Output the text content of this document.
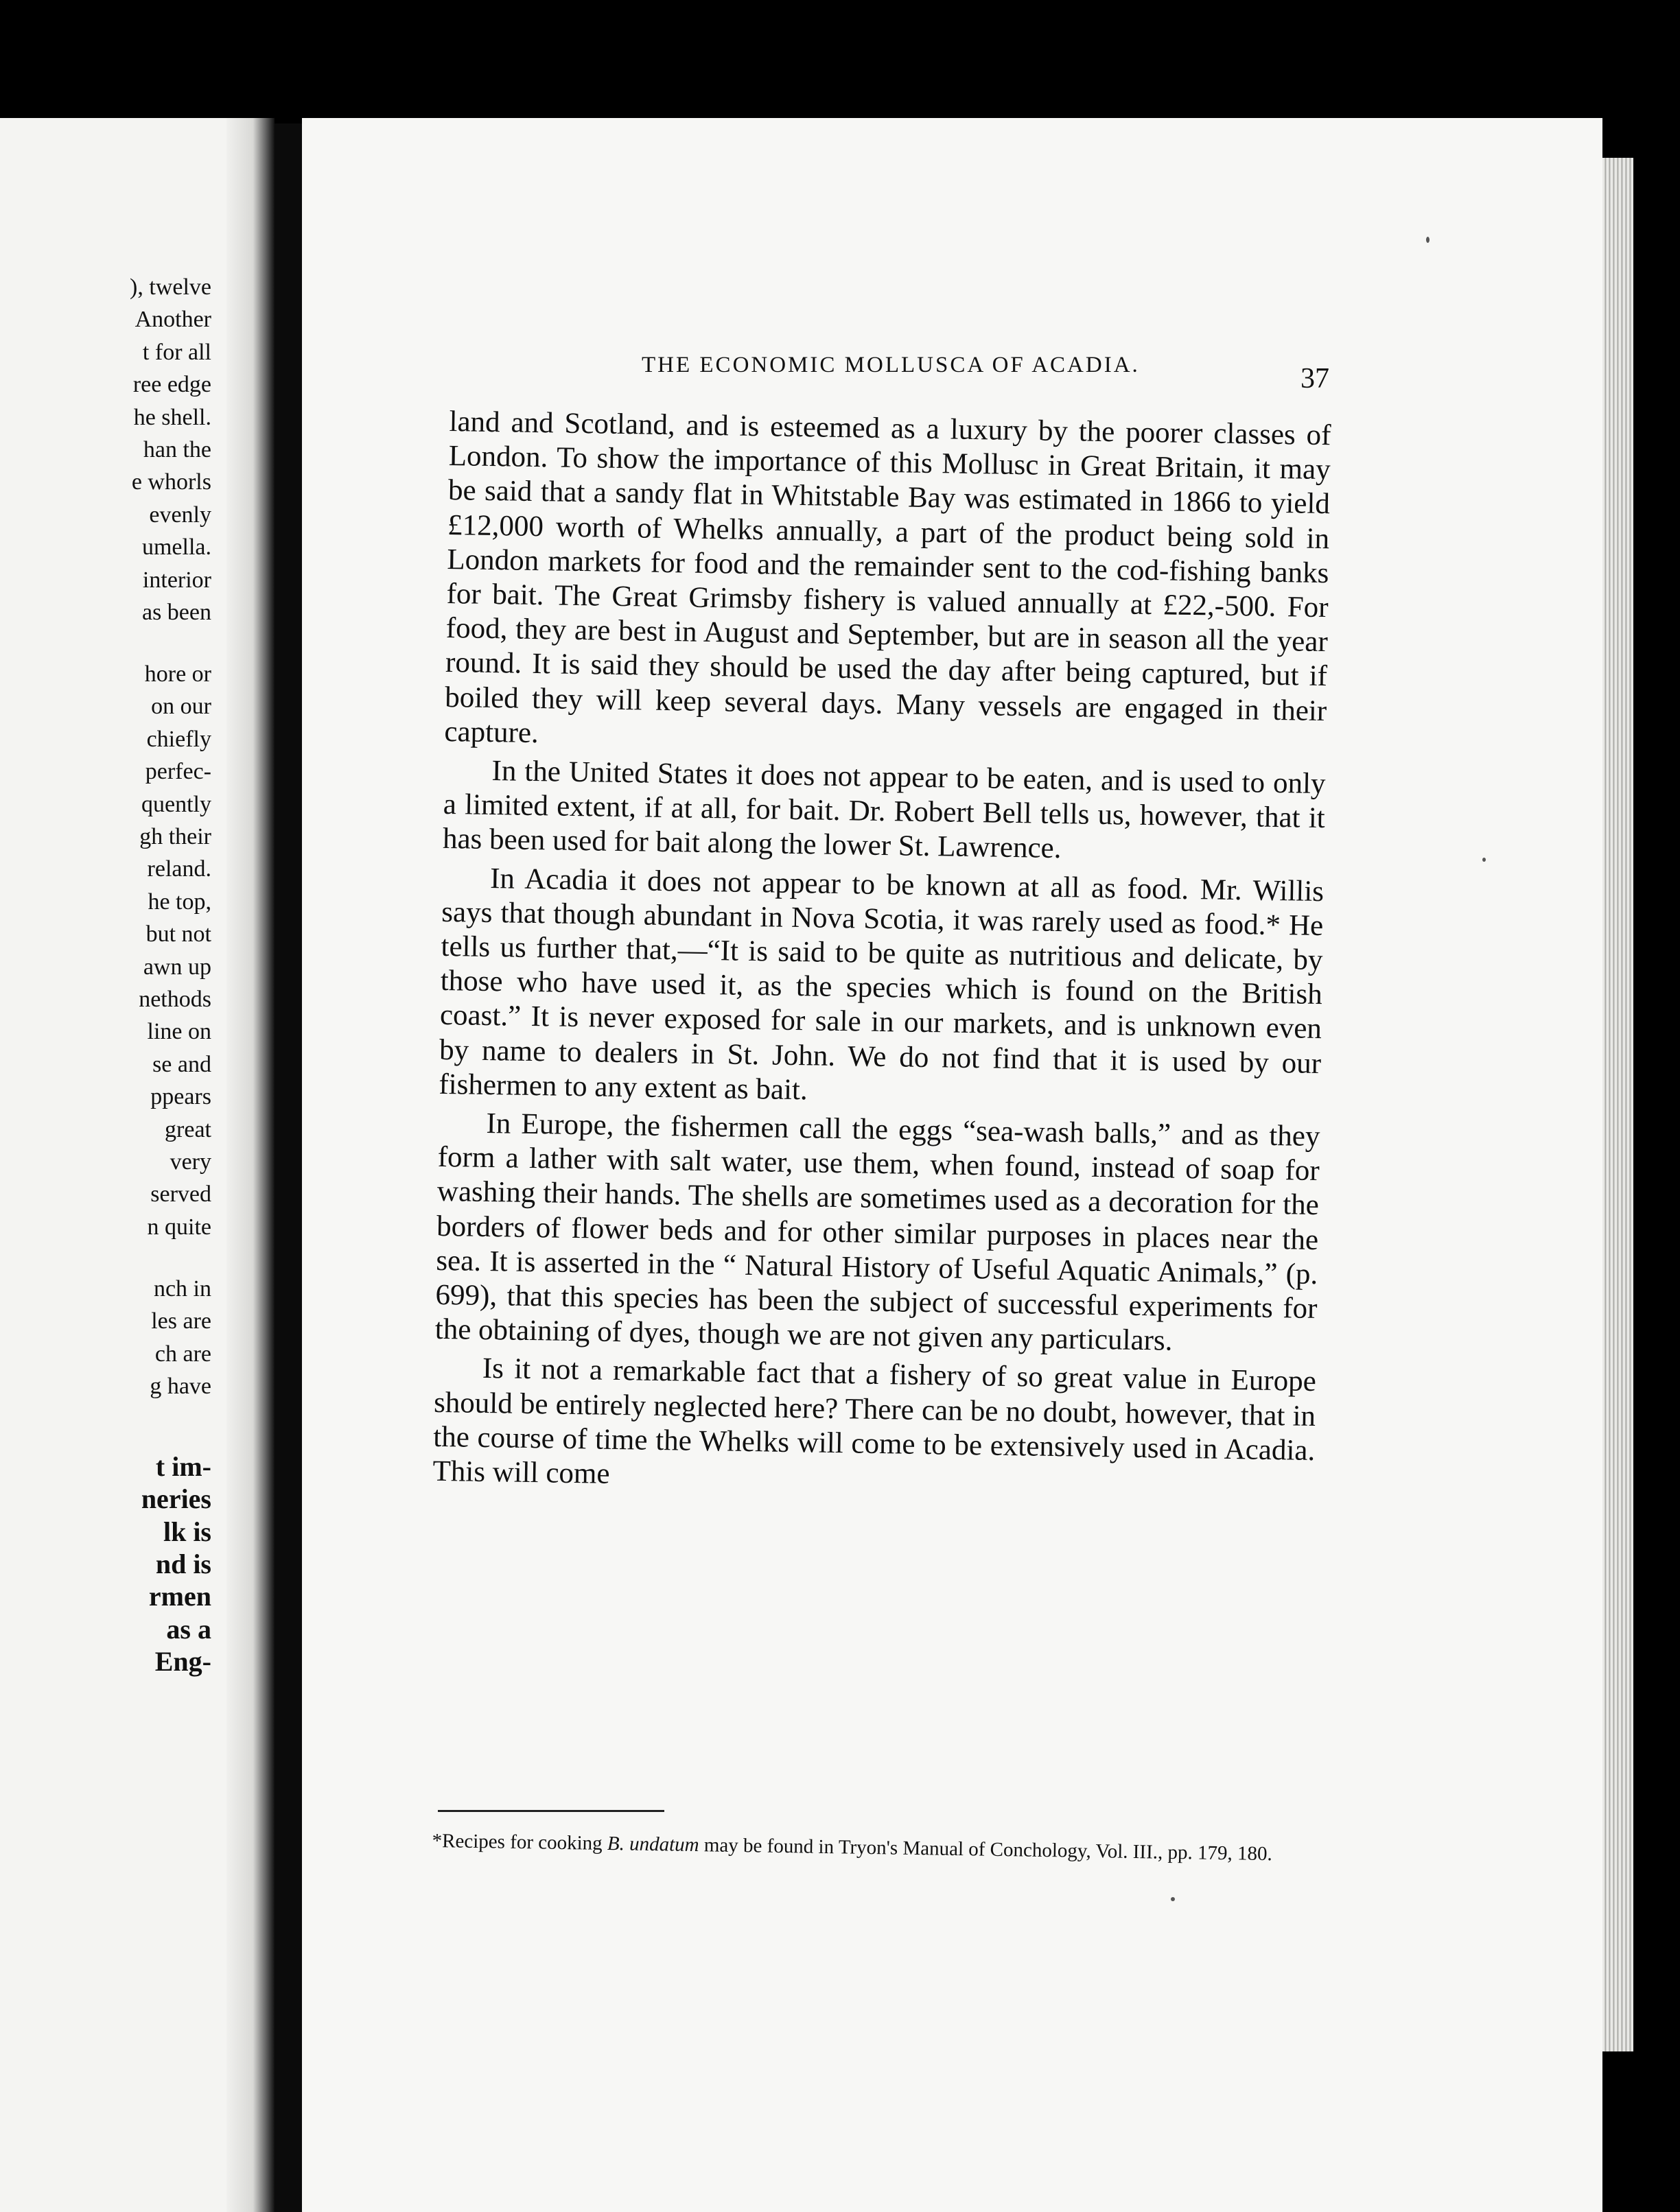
), twelve
Another
t for all
ree edge
he shell.
han the
e whorls
evenly
umella.
interior
as been
hore or
on our
chiefly
perfec-
quently
gh their
reland.
he top,
but not
awn up
nethods
line on
se and
ppears
great
very
served
n quite
nch in
les are
ch are
g have
t im-
neries
lk is
nd is
rmen
as a
Eng-
THE ECONOMIC MOLLUSCA OF ACADIA.	37

land and Scotland, and is esteemed as a luxury by the poorer classes of London. To show the importance of this Mollusc in Great Britain, it may be said that a sandy flat in Whitstable Bay was estimated in 1866 to yield £12,000 worth of Whelks annually, a part of the product being sold in London markets for food and the remainder sent to the cod-fishing banks for bait. The Great Grimsby fishery is valued annually at £22,-500. For food, they are best in August and September, but are in season all the year round. It is said they should be used the day after being captured, but if boiled they will keep several days. Many vessels are engaged in their capture.

In the United States it does not appear to be eaten, and is used to only a limited extent, if at all, for bait. Dr. Robert Bell tells us, however, that it has been used for bait along the lower St. Lawrence.

In Acadia it does not appear to be known at all as food. Mr. Willis says that though abundant in Nova Scotia, it was rarely used as food.* He tells us further that,—“It is said to be quite as nutritious and delicate, by those who have used it, as the species which is found on the British coast.” It is never exposed for sale in our markets, and is unknown even by name to dealers in St. John. We do not find that it is used by our fishermen to any extent as bait.

In Europe, the fishermen call the eggs “sea-wash balls,” and as they form a lather with salt water, use them, when found, instead of soap for washing their hands. The shells are sometimes used as a decoration for the borders of flower beds and for other similar purposes in places near the sea. It is asserted in the “ Natural History of Useful Aquatic Animals,” (p. 699), that this species has been the subject of successful experiments for the obtaining of dyes, though we are not given any particulars.

Is it not a remarkable fact that a fishery of so great value in Europe should be entirely neglected here? There can be no doubt, however, that in the course of time the Whelks will come to be extensively used in Acadia. This will come

*Recipes for cooking B. undatum may be found in Tryon's Manual of Conchology, Vol. III., pp. 179, 180.
